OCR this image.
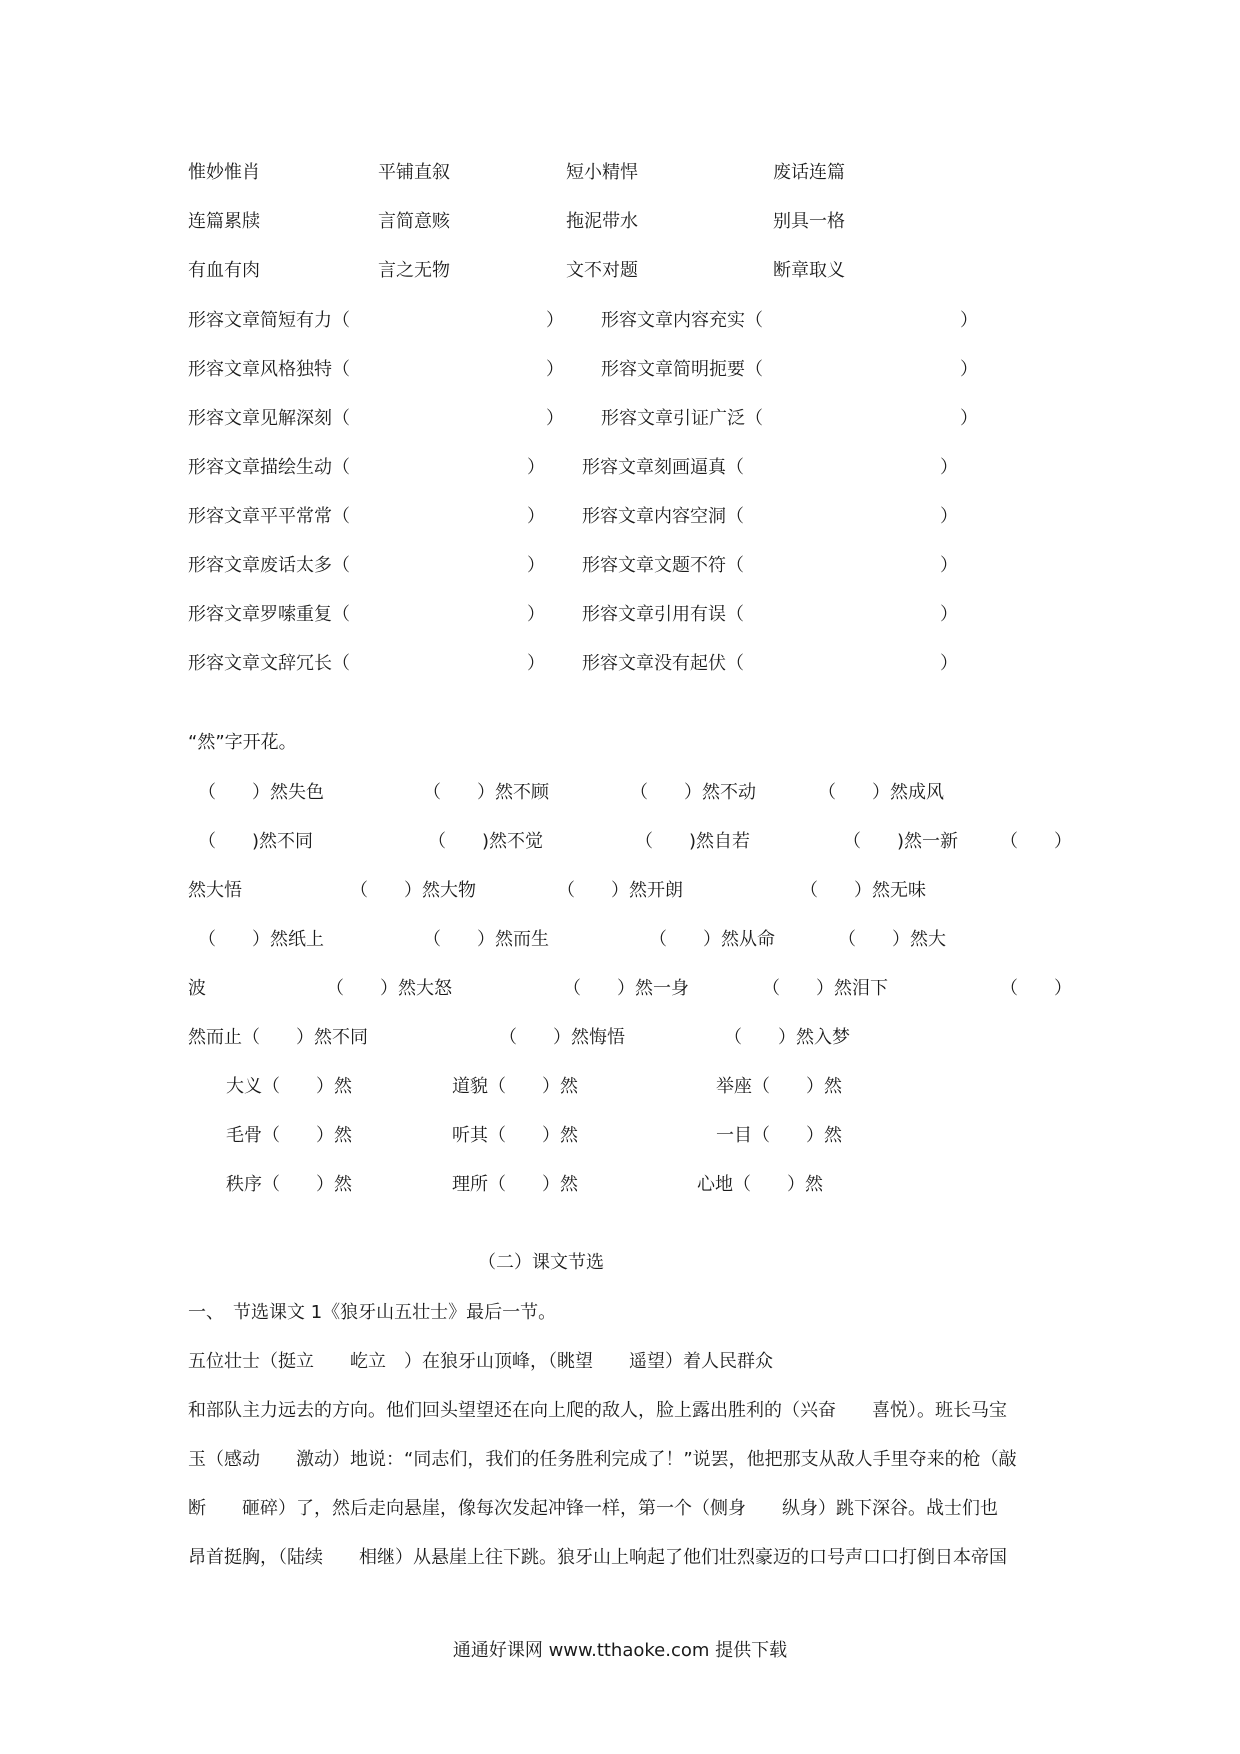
惟妙惟肖	平铺直叙	短小精悍	废话连篇
连篇累牍	言简意赅	拖泥带水	别具一格
有血有肉	言之无物	文不对题	断章取义
形容文章简短有力（	） 形容文章内容充实（	）
形容文章风格独特（	） 形容文章简明扼要（	）
形容文章见解深刻（	） 形容文章引证广泛（	）
形容文章描绘生动（	） 形容文章刻画逼真（	）
形容文章平平常常（	） 形容文章内容空洞（	）
形容文章废话太多（	） 形容文章文题不符（	）
形容文章罗嗦重复（	） 形容文章引用有误（	）
形容文章文辞冗长（	） 形容文章没有起伏（	）
“然”字开花。
（　　）然失色	（　　）然不顾	（　　）然不动	（　　）然成风
（　　)然不同	（　　)然不觉	（　　)然自若	（　　)然一新 （　　）
然大悟	（　　）然大物	（　　）然开朗	（　　）然无味
（　　）然纸上	（　　）然而生	（　　）然从命	（　　）然大
波	（　　）然大怒	（　　）然一身	（　　）然泪下	（　　）
然而止（　　）然不同	（　　）然悔悟	（　　）然入梦
大义（　　）然	道貌（　　）然	举座（　　）然
毛骨（　　）然	听其（　　）然	一目（　　）然
秩序（　　）然	理所（　　）然	心地（　　）然
（二）课文节选
一、　节选课文 1《狼牙山五壮士》最后一节。
五位壮士（挺立　　屹立　）在狼牙山顶峰，（眺望　　遥望）着人民群众
和部队主力远去的方向。他们回头望望还在向上爬的敌人，脸上露出胜利的（兴奋　　喜悦）。班长马宝
玉（感动　　激动）地说：“同志们，我们的任务胜利完成了！”说罢，他把那支从敌人手里夺来的枪（敲
断　　砸碎）了，然后走向悬崖，像每次发起冲锋一样，第一个（侧身　　纵身）跳下深谷。战士们也
昂首挺胸，（陆续　　相继）从悬崖上往下跳。狼牙山上响起了他们壮烈豪迈的口号声口口打倒日本帝国
通通好课网 www.tthaoke.com 提供下载
